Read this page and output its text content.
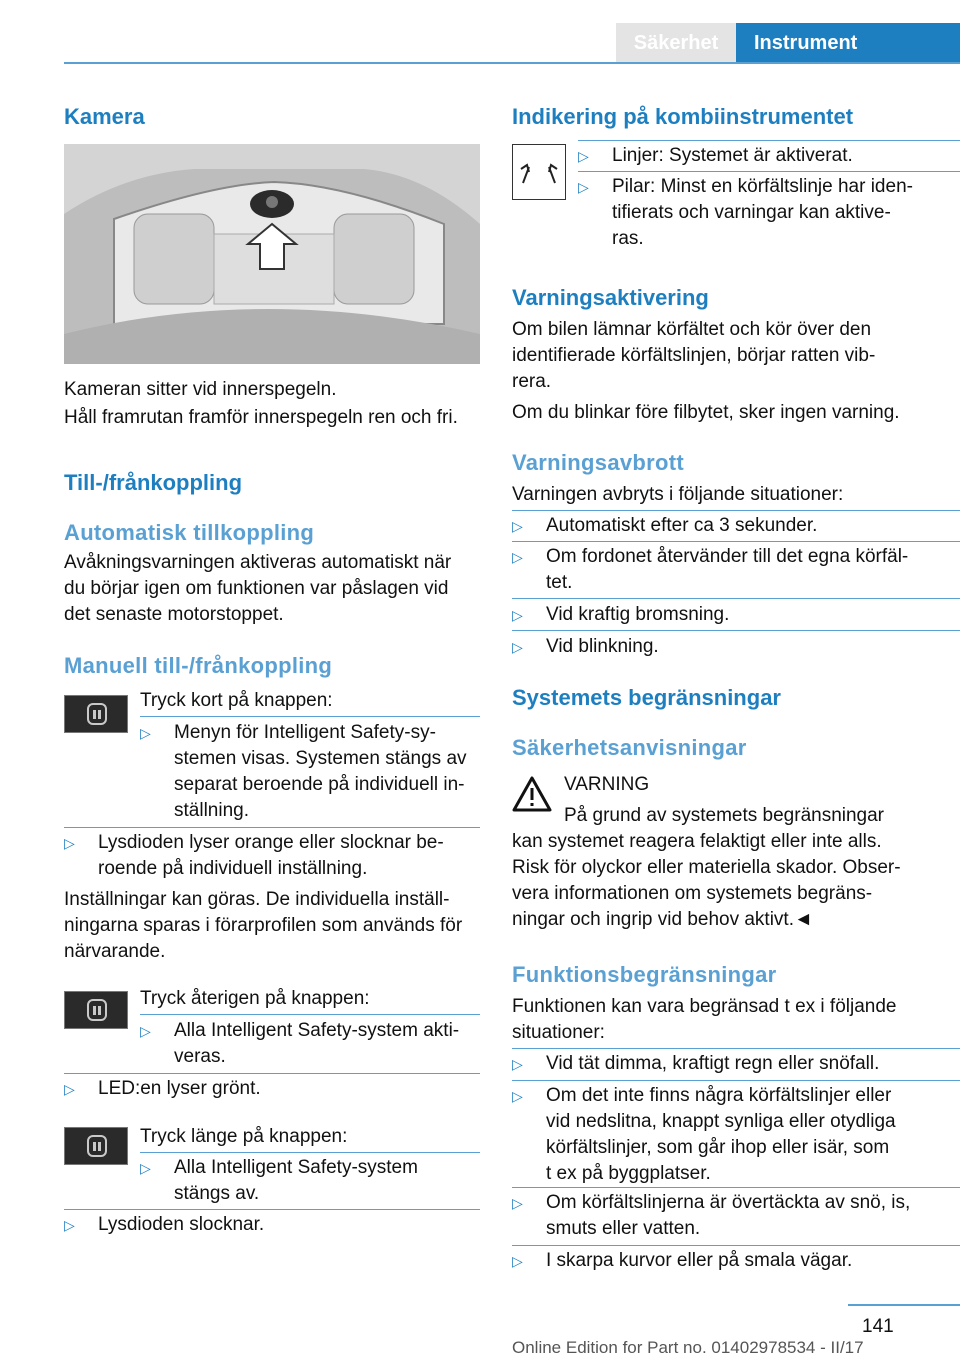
Säkerhet	Instrument
Kamera
Kameran sitter vid innerspegeln.
Håll framrutan framför innerspegeln ren och fri.
Till-/frånkoppling
Automatisk tillkoppling
Avåkningsvarningen aktiveras automatiskt när
du börjar igen om funktionen var påslagen vid
det senaste motorstoppet.
Manuell till-/frånkoppling
Tryck kort på knappen:
▷ Menyn för Intelligent Safety-sy-
stemen visas. Systemen stängs av
separat beroende på individuell in-
ställning.
▷ Lysdioden lyser orange eller slocknar be-
roende på individuell inställning.
Inställningar kan göras. De individuella inställ-
ningarna sparas i förarprofilen som används för
närvarande.
Tryck återigen på knappen:
▷ Alla Intelligent Safety-system akti-
veras.
▷ LED:en lyser grönt.
Tryck länge på knappen:
▷ Alla Intelligent Safety-system
stängs av.
▷ Lysdioden slocknar.
Indikering på kombiinstrumentet
▷ Linjer: Systemet är aktiverat.
▷ Pilar: Minst en körfältslinje har iden-
tifierats och varningar kan aktive-
ras.
Varningsaktivering
Om bilen lämnar körfältet och kör över den
identifierade körfältslinjen, börjar ratten vib-
rera.
Om du blinkar före filbytet, sker ingen varning.
Varningsavbrott
Varningen avbryts i följande situationer:
▷ Automatiskt efter ca 3 sekunder.
▷ Om fordonet återvänder till det egna körfäl-
tet.
▷ Vid kraftig bromsning.
▷ Vid blinkning.
Systemets begränsningar
Säkerhetsanvisningar
VARNING
På grund av systemets begränsningar
kan systemet reagera felaktigt eller inte alls.
Risk för olyckor eller materiella skador. Obser-
vera informationen om systemets begräns-
ningar och ingrip vid behov aktivt.◄
Funktionsbegränsningar
Funktionen kan vara begränsad t ex i följande
situationer:
▷ Vid tät dimma, kraftigt regn eller snöfall.
▷ Om det inte finns några körfältslinjer eller
vid nedslitna, knappt synliga eller otydliga
körfältslinjer, som går ihop eller isär, som
t ex på byggplatser.
▷ Om körfältslinjerna är övertäckta av snö, is,
smuts eller vatten.
▷ I skarpa kurvor eller på smala vägar.
141
Online Edition for Part no. 01402978534 - II/17
